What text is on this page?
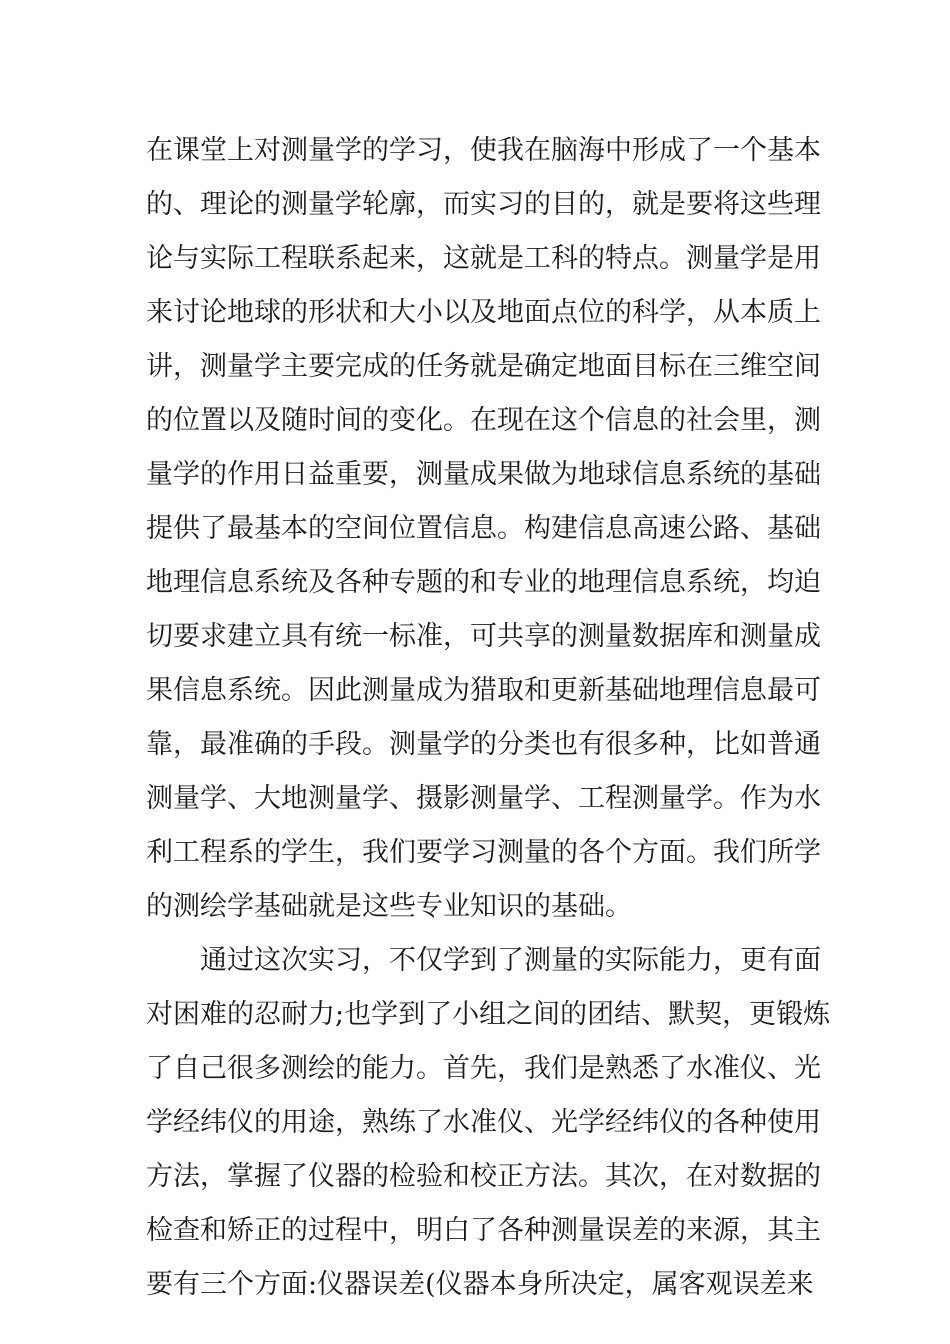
在课堂上对测量学的学习，使我在脑海中形成了一个基本
的、理论的测量学轮廓，而实习的目的，就是要将这些理
论与实际工程联系起来，这就是工科的特点。测量学是用
来讨论地球的形状和大小以及地面点位的科学，从本质上
讲，测量学主要完成的任务就是确定地面目标在三维空间
的位置以及随时间的变化。在现在这个信息的社会里，测
量学的作用日益重要，测量成果做为地球信息系统的基础
提供了最基本的空间位置信息。构建信息高速公路、基础
地理信息系统及各种专题的和专业的地理信息系统，均迫
切要求建立具有统一标准，可共享的测量数据库和测量成
果信息系统。因此测量成为猎取和更新基础地理信息最可
靠，最准确的手段。测量学的分类也有很多种，比如普通
测量学、大地测量学、摄影测量学、工程测量学。作为水
利工程系的学生，我们要学习测量的各个方面。我们所学
的测绘学基础就是这些专业知识的基础。
通过这次实习，不仅学到了测量的实际能力，更有面
对困难的忍耐力;也学到了小组之间的团结、默契，更锻炼
了自己很多测绘的能力。首先，我们是熟悉了水准仪、光
学经纬仪的用途，熟练了水准仪、光学经纬仪的各种使用
方法，掌握了仪器的检验和校正方法。其次，在对数据的
检查和矫正的过程中，明白了各种测量误差的来源，其主
要有三个方面:仪器误差(仪器本身所决定，属客观误差来
